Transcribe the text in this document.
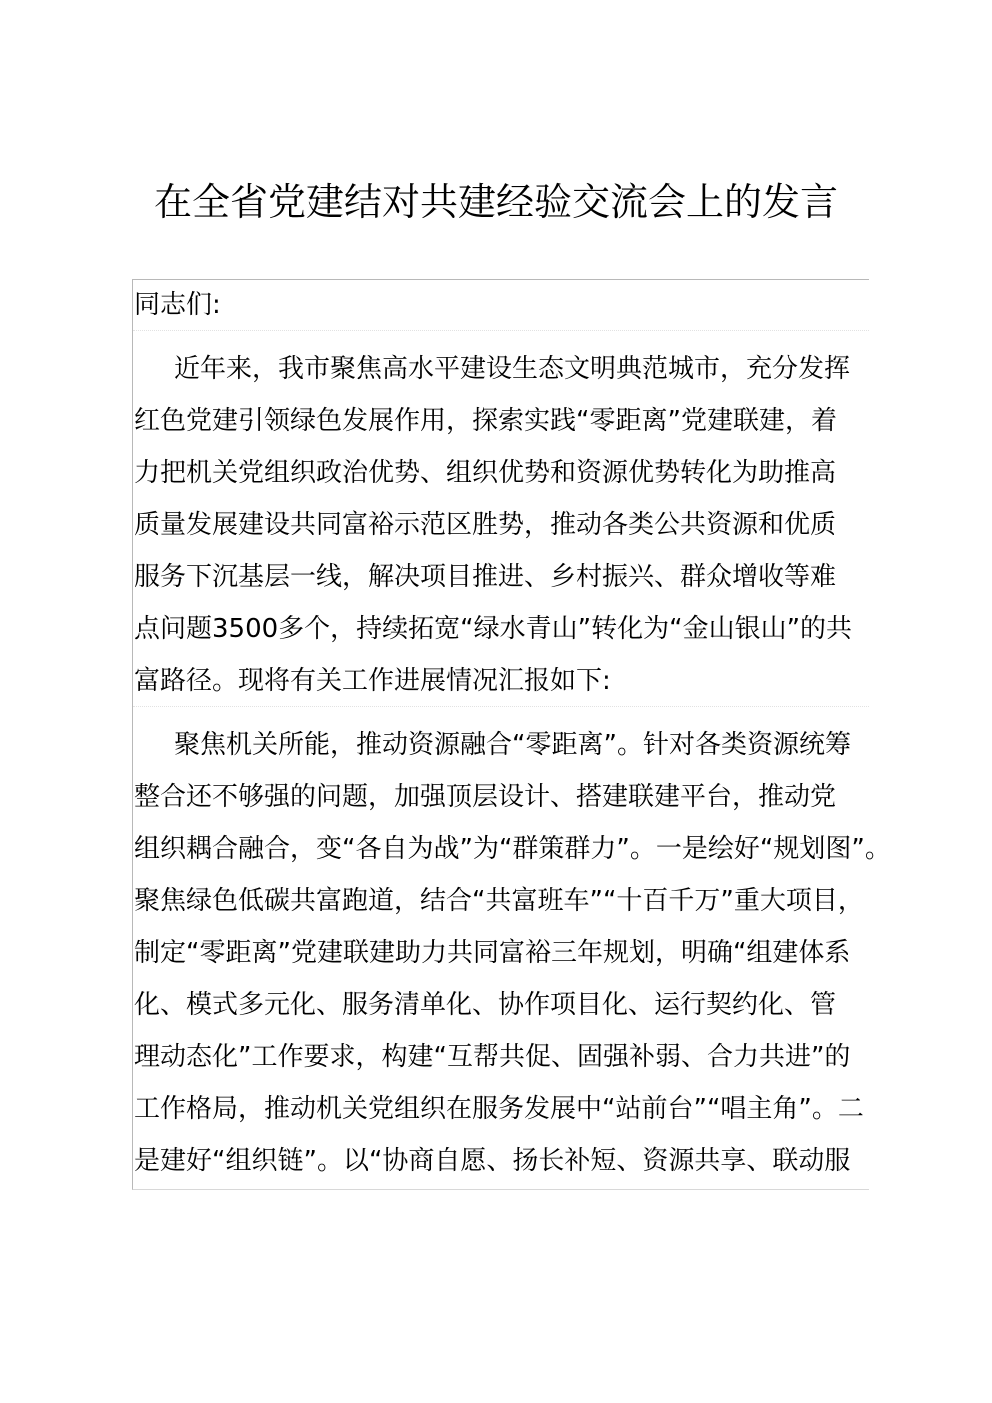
在全省党建结对共建经验交流会上的发言
同志们:
近年来，我市聚焦高水平建设生态文明典范城市，充分发挥
红色党建引领绿色发展作用，探索实践“零距离”党建联建，着
力把机关党组织政治优势、组织优势和资源优势转化为助推高
质量发展建设共同富裕示范区胜势，推动各类公共资源和优质
服务下沉基层一线，解决项目推进、乡村振兴、群众增收等难
点问题3500多个，持续拓宽“绿水青山”转化为“金山银山”的共
富路径。现将有关工作进展情况汇报如下:
聚焦机关所能，推动资源融合“零距离”。针对各类资源统筹
整合还不够强的问题，加强顶层设计、搭建联建平台，推动党
组织耦合融合，变“各自为战”为“群策群力”。一是绘好“规划图”。
聚焦绿色低碳共富跑道，结合“共富班车”“十百千万”重大项目，
制定“零距离”党建联建助力共同富裕三年规划，明确“组建体系
化、模式多元化、服务清单化、协作项目化、运行契约化、管
理动态化”工作要求，构建“互帮共促、固强补弱、合力共进”的
工作格局，推动机关党组织在服务发展中“站前台”“唱主角”。二
是建好“组织链”。以“协商自愿、扬长补短、资源共享、联动服
